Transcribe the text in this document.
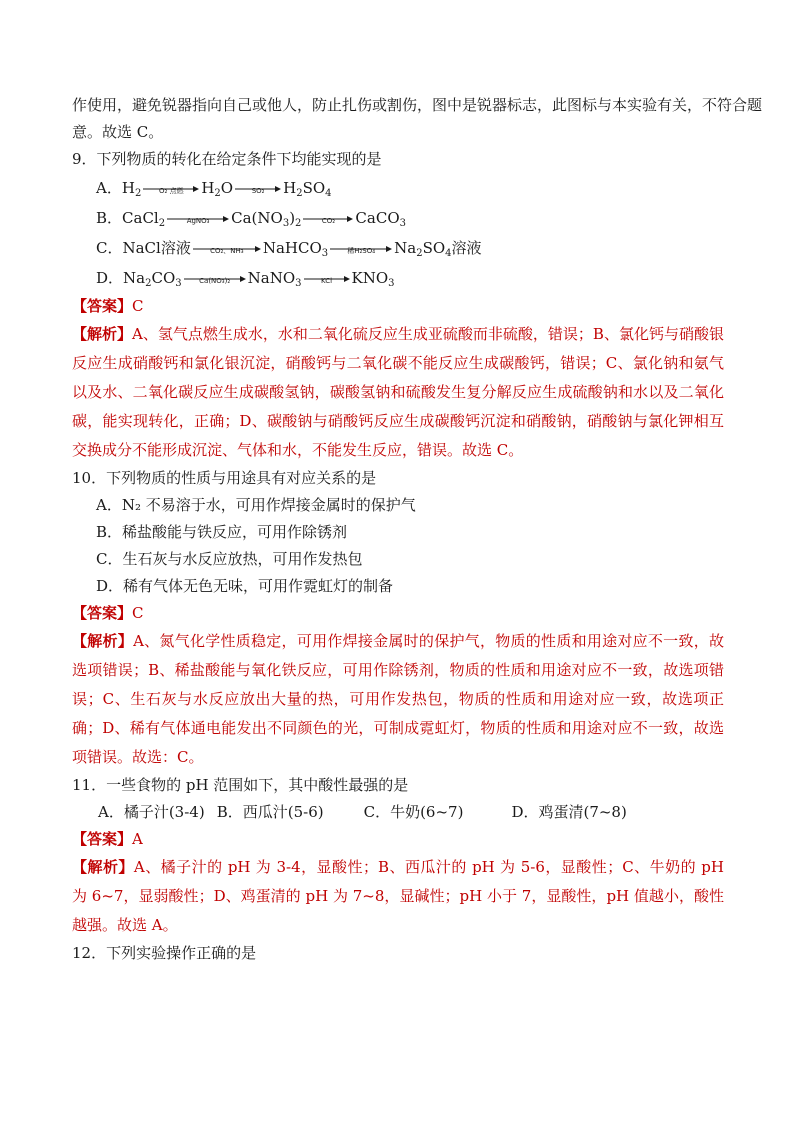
作使用，避免锐器指向自己或他人，防止扎伤或割伤，图中是锐器标志，此图标与本实验有关，不符合题
意。故选 C。
9．下列物质的转化在给定条件下均能实现的是
A．$H_2$	O₂ 点燃	$H_2O$	SO₂	$H_2SO_4$
B．CaCl$_2$	AgNO₃	$Ca(NO_3)_2$	CO₂	CaCO$_3$
C．NaCl溶液	CO₂、NH₃	NaHCO$_3$	稀H₂SO₄	$Na_2SO_4$溶液
D．$Na_2CO_3$	Ca(NO₃)₂	NaNO$_3$	KCl	$KNO_3$
【答案】C
【解析】A、氢气点燃生成水，水和二氧化硫反应生成亚硫酸而非硫酸，错误；B、氯化钙与硝酸银反应生成硝酸钙和氯化银沉淀，硝酸钙与二氧化碳不能反应生成碳酸钙，错误；C、氯化钠和氨气以及水、二氧化碳反应生成碳酸氢钠，碳酸氢钠和硫酸发生复分解反应生成硫酸钠和水以及二氧化碳，能实现转化，正确；D、碳酸钠与硝酸钙反应生成碳酸钙沉淀和硝酸钠，硝酸钠与氯化钾相互交换成分不能形成沉淀、气体和水，不能发生反应，错误。故选 C。
10．下列物质的性质与用途具有对应关系的是
A．N₂ 不易溶于水，可用作焊接金属时的保护气
B．稀盐酸能与铁反应，可用作除锈剂
C．生石灰与水反应放热，可用作发热包
D．稀有气体无色无味，可用作霓虹灯的制备
【答案】C
【解析】A、氮气化学性质稳定，可用作焊接金属时的保护气，物质的性质和用途对应不一致，故选项错误；B、稀盐酸能与氧化铁反应，可用作除锈剂，物质的性质和用途对应不一致，故选项错误；C、生石灰与水反应放出大量的热，可用作发热包，物质的性质和用途对应一致，故选项正确；D、稀有气体通电能发出不同颜色的光，可制成霓虹灯，物质的性质和用途对应不一致，故选项错误。故选：C。
11．一些食物的 pH 范围如下，其中酸性最强的是
A．橘子汁(3-4) B．西瓜汁(5-6)	C．牛奶(6~7)	D．鸡蛋清(7~8)
【答案】A
【解析】A、橘子汁的 pH 为 3-4，显酸性；B、西瓜汁的 pH 为 5-6，显酸性；C、牛奶的 pH 为 6~7，显弱酸性；D、鸡蛋清的 pH 为 7~8，显碱性；pH 小于 7，显酸性，pH 值越小，酸性越强。故选 A。
12．下列实验操作正确的是
